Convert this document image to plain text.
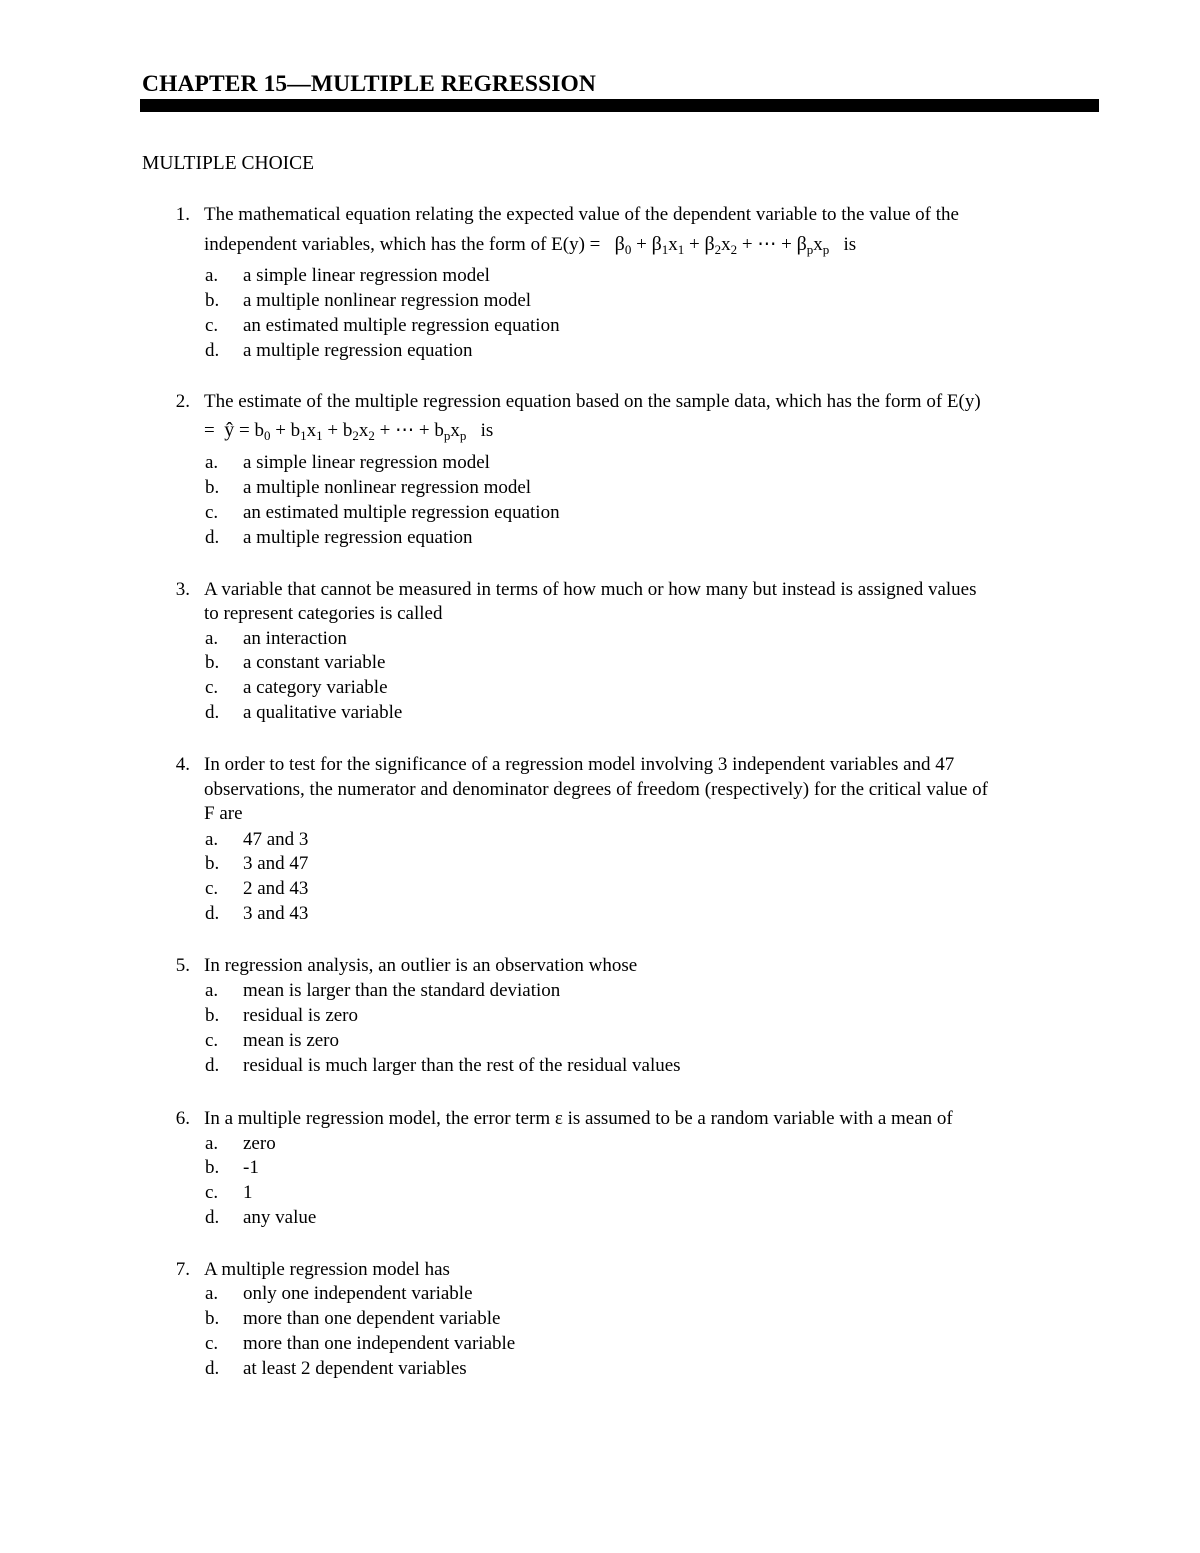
CHAPTER 15—MULTIPLE REGRESSION
MULTIPLE CHOICE
1. The mathematical equation relating the expected value of the dependent variable to the value of the
independent variables, which has the form of $E(y) = \beta_0 + \beta_1x_1 + \beta_2x_2$ + ⋯ + $\beta_px_p$ is
a. a simple linear regression model
b. a multiple nonlinear regression model
c. an estimated multiple regression equation
d. a multiple regression equation
2. The estimate of the multiple regression equation based on the sample data, which has the form of E(y)
= ŷ = $b_0 + b_1x_1 + b_2x_2$ + ⋯ + $b_px_p$ is
a. a simple linear regression model
b. a multiple nonlinear regression model
c. an estimated multiple regression equation
d. a multiple regression equation
3. A variable that cannot be measured in terms of how much or how many but instead is assigned values
to represent categories is called
a. an interaction
b. a constant variable
c. a category variable
d. a qualitative variable
4. In order to test for the significance of a regression model involving 3 independent variables and 47
observations, the numerator and denominator degrees of freedom (respectively) for the critical value of
F are
a. 47 and 3
b. 3 and 47
c. 2 and 43
d. 3 and 43
5. In regression analysis, an outlier is an observation whose
a. mean is larger than the standard deviation
b. residual is zero
c. mean is zero
d. residual is much larger than the rest of the residual values
6. In a multiple regression model, the error term ε is assumed to be a random variable with a mean of
a. zero
b. -1
c. 1
d. any value
7. A multiple regression model has
a. only one independent variable
b. more than one dependent variable
c. more than one independent variable
d. at least 2 dependent variables
